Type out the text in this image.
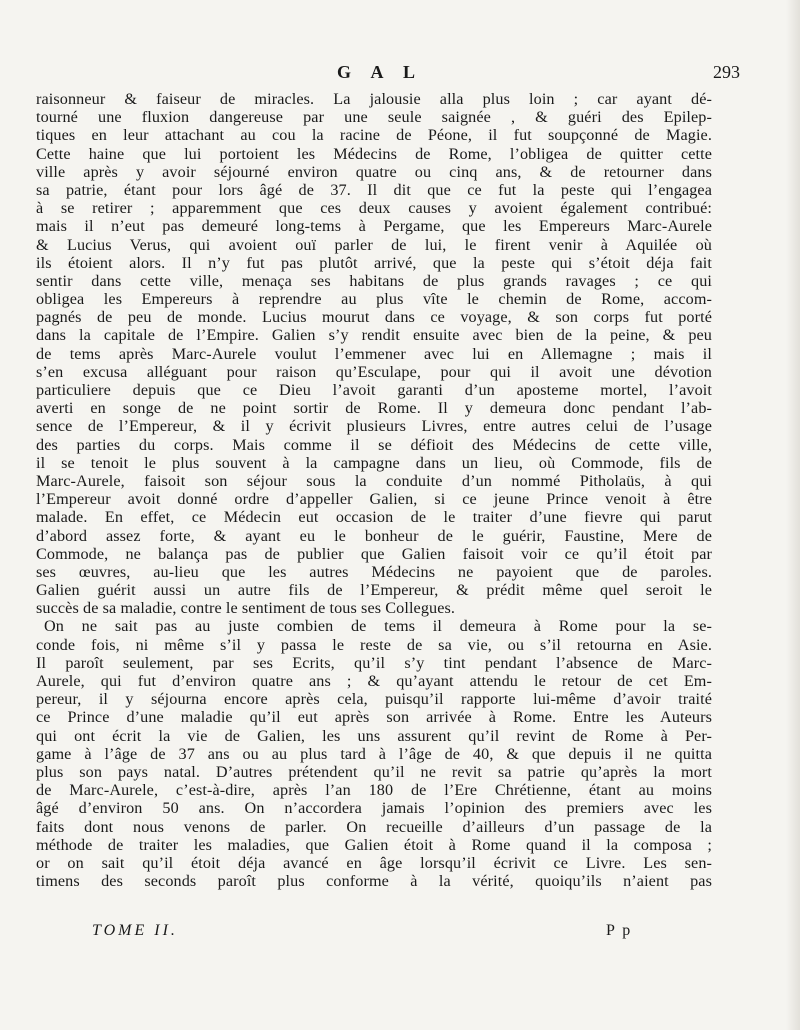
G A L	293
raisonneur & faiseur de miracles. La jalousie alla plus loin ; car ayant dé-
tourné une fluxion dangereuse par une seule saignée , & guéri des Epilep-
tiques en leur attachant au cou la racine de Péone, il fut soupçonné de Magie.
Cette haine que lui portoient les Médecins de Rome, l’obligea de quitter cette
ville après y avoir séjourné environ quatre ou cinq ans, & de retourner dans
sa patrie, étant pour lors âgé de 37. Il dit que ce fut la peste qui l’engagea
à se retirer ; apparemment que ces deux causes y avoient également contribué:
mais il n’eut pas demeuré long-tems à Pergame, que les Empereurs Marc-Aurele
& Lucius Verus, qui avoient ouï parler de lui, le firent venir à Aquilée où
ils étoient alors. Il n’y fut pas plutôt arrivé, que la peste qui s’étoit déja fait
sentir dans cette ville, menaça ses habitans de plus grands ravages ; ce qui
obligea les Empereurs à reprendre au plus vîte le chemin de Rome, accom-
pagnés de peu de monde. Lucius mourut dans ce voyage, & son corps fut porté
dans la capitale de l’Empire. Galien s’y rendit ensuite avec bien de la peine, & peu
de tems après Marc-Aurele voulut l’emmener avec lui en Allemagne ; mais il
s’en excusa alléguant pour raison qu’Esculape, pour qui il avoit une dévotion
particuliere depuis que ce Dieu l’avoit garanti d’un aposteme mortel, l’avoit
averti en songe de ne point sortir de Rome. Il y demeura donc pendant l’ab-
sence de l’Empereur, & il y écrivit plusieurs Livres, entre autres celui de l’usage
des parties du corps. Mais comme il se défioit des Médecins de cette ville,
il se tenoit le plus souvent à la campagne dans un lieu, où Commode, fils de
Marc-Aurele, faisoit son séjour sous la conduite d’un nommé Pitholaüs, à qui
l’Empereur avoit donné ordre d’appeller Galien, si ce jeune Prince venoit à être
malade. En effet, ce Médecin eut occasion de le traiter d’une fievre qui parut
d’abord assez forte, & ayant eu le bonheur de le guérir, Faustine, Mere de
Commode, ne balança pas de publier que Galien faisoit voir ce qu’il étoit par
ses œuvres, au-lieu que les autres Médecins ne payoient que de paroles.
Galien guérit aussi un autre fils de l’Empereur, & prédit même quel seroit le
succès de sa maladie, contre le sentiment de tous ses Collegues.
On ne sait pas au juste combien de tems il demeura à Rome pour la se-
conde fois, ni même s’il y passa le reste de sa vie, ou s’il retourna en Asie.
Il paroît seulement, par ses Ecrits, qu’il s’y tint pendant l’absence de Marc-
Aurele, qui fut d’environ quatre ans ; & qu’ayant attendu le retour de cet Em-
pereur, il y séjourna encore après cela, puisqu’il rapporte lui-même d’avoir traité
ce Prince d’une maladie qu’il eut après son arrivée à Rome. Entre les Auteurs
qui ont écrit la vie de Galien, les uns assurent qu’il revint de Rome à Per-
game à l’âge de 37 ans ou au plus tard à l’âge de 40, & que depuis il ne quitta
plus son pays natal. D’autres prétendent qu’il ne revit sa patrie qu’après la mort
de Marc-Aurele, c’est-à-dire, après l’an 180 de l’Ere Chrétienne, étant au moins
âgé d’environ 50 ans. On n’accordera jamais l’opinion des premiers avec les
faits dont nous venons de parler. On recueille d’ailleurs d’un passage de la
méthode de traiter les maladies, que Galien étoit à Rome quand il la composa ;
or on sait qu’il étoit déja avancé en âge lorsqu’il écrivit ce Livre. Les sen-
timens des seconds paroît plus conforme à la vérité, quoiqu’ils n’aient pas
TOME II.	P p
